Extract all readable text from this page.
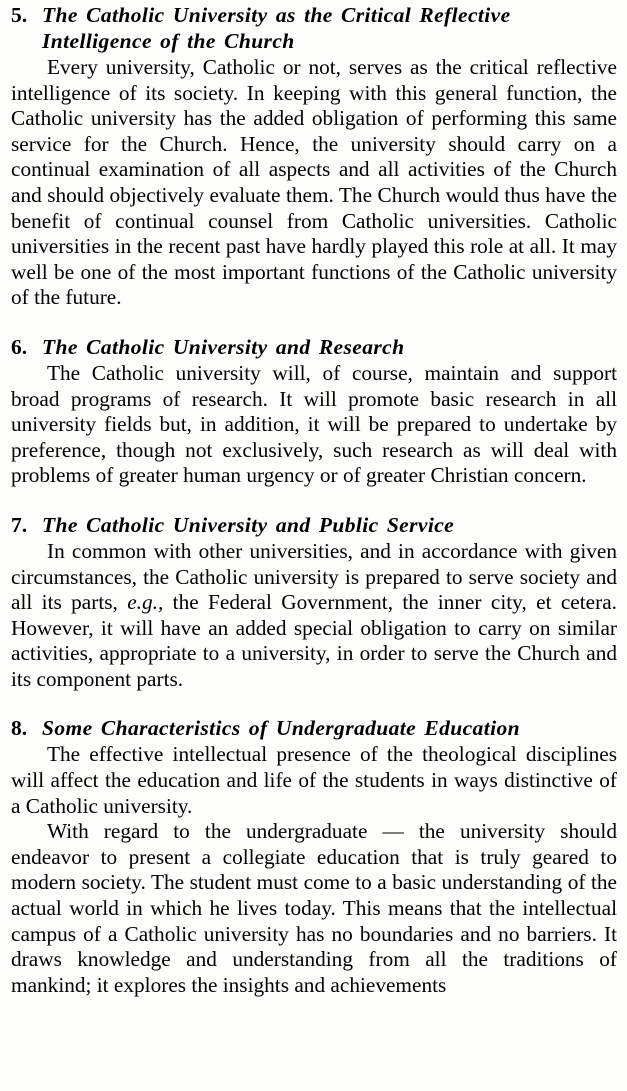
5. The Catholic University as the Critical Reflective Intelligence of the Church

Every university, Catholic or not, serves as the critical reflective intelligence of its society. In keeping with this general function, the Catholic university has the added obligation of performing this same service for the Church. Hence, the university should carry on a continual examination of all aspects and all activities of the Church and should objectively evaluate them. The Church would thus have the benefit of continual counsel from Catholic universities. Catholic universities in the recent past have hardly played this role at all. It may well be one of the most important functions of the Catholic university of the future.

6. The Catholic University and Research

The Catholic university will, of course, maintain and support broad programs of research. It will promote basic research in all university fields but, in addition, it will be prepared to undertake by preference, though not exclusively, such research as will deal with problems of greater human urgency or of greater Christian concern.

7. The Catholic University and Public Service

In common with other universities, and in accordance with given circumstances, the Catholic university is prepared to serve society and all its parts, e.g., the Federal Government, the inner city, et cetera. However, it will have an added special obligation to carry on similar activities, appropriate to a university, in order to serve the Church and its component parts.

8. Some Characteristics of Undergraduate Education

The effective intellectual presence of the theological disciplines will affect the education and life of the students in ways distinctive of a Catholic university.

With regard to the undergraduate — the university should endeavor to present a collegiate education that is truly geared to modern society. The student must come to a basic understanding of the actual world in which he lives today. This means that the intellectual campus of a Catholic university has no boundaries and no barriers. It draws knowledge and understanding from all the traditions of mankind; it explores the insights and achievements
